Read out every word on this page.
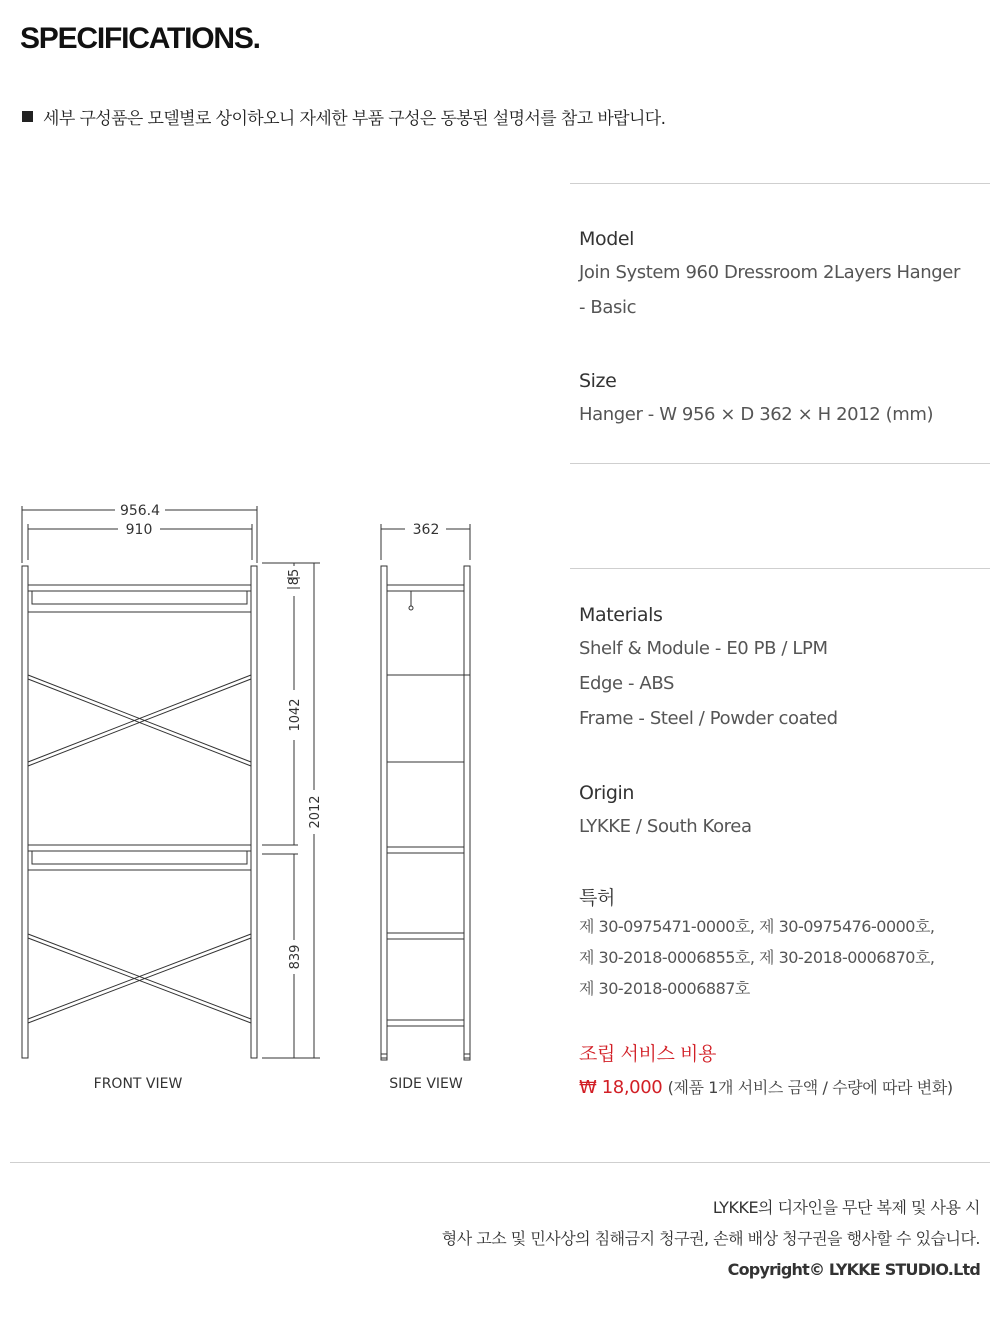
SPECIFICATIONS.
세부 구성품은 모델별로 상이하오니 자세한 부품 구성은 동봉된 설명서를 참고 바랍니다.
Model
Join System 960 Dressroom 2Layers Hanger
- Basic
Size
Hanger - W 956 × D 362 × H 2012 (mm)
Materials
Shelf & Module - E0 PB / LPM
Edge - ABS
Frame - Steel / Powder coated
Origin
LYKKE / South Korea
특허
제 30-0975471-0000호, 제 30-0975476-0000호,
제 30-2018-0006855호, 제 30-2018-0006870호,
제 30-2018-0006887호
조립 서비스 비용
₩ 18,000 (제품 1개 서비스 금액 / 수량에 따라 변화)
956.4
910	362
85
1042
2012
839
FRONT VIEW	SIDE VIEW
LYKKE의 디자인을 무단 복제 및 사용 시
형사 고소 및 민사상의 침해금지 청구권, 손해 배상 청구권을 행사할 수 있습니다.
Copyright© LYKKE STUDIO.Ltd
